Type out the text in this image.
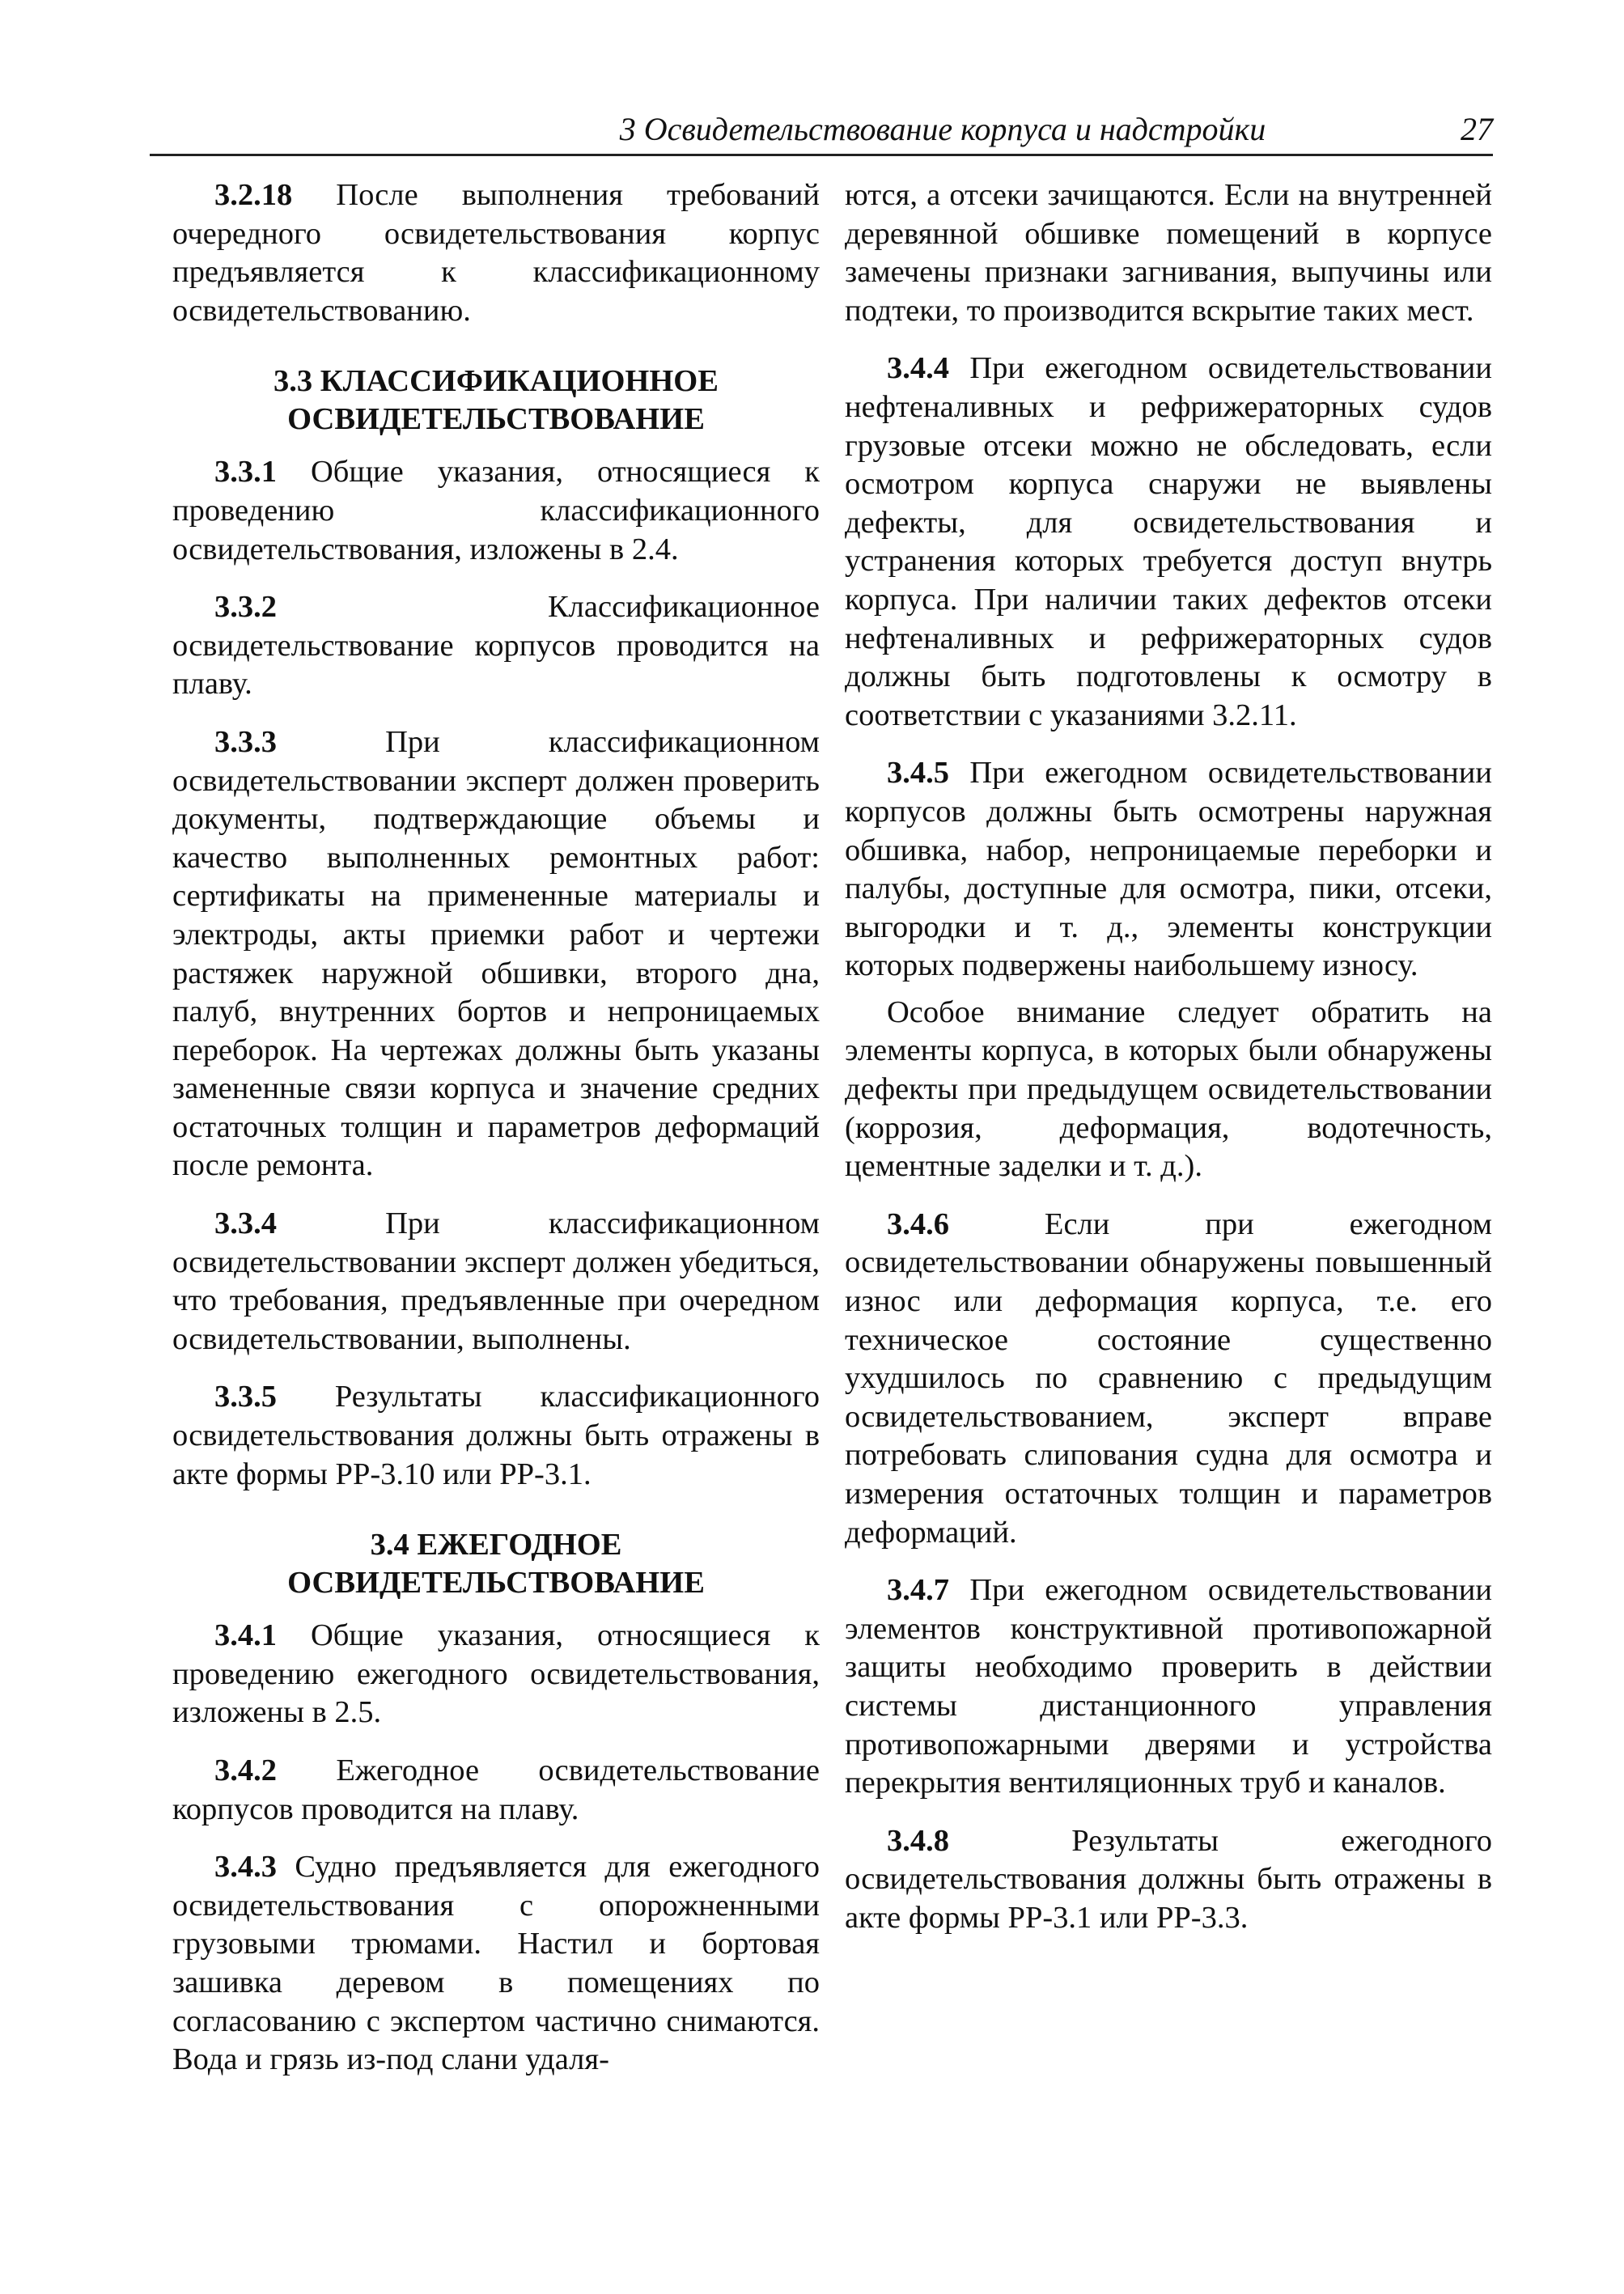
3 Освидетельствование корпуса и надстройки	27

3.2.18 После выполнения требований очередного освидетельствования корпус предъявляется к классификационному освидетельствованию.

3.3 КЛАССИФИКАЦИОННОЕ
ОСВИДЕТЕЛЬСТВОВАНИЕ

3.3.1 Общие указания, относящиеся к проведению классификационного освидетельствования, изложены в 2.4.

3.3.2 Классификационное освидетельствование корпусов проводится на плаву.

3.3.3 При классификационном освидетельствовании эксперт должен проверить документы, подтверждающие объемы и качество выполненных ремонтных работ: сертификаты на примененные материалы и электроды, акты приемки работ и чертежи растяжек наружной обшивки, второго дна, палуб, внутренних бортов и непроницаемых переборок. На чертежах должны быть указаны замененные связи корпуса и значение средних остаточных толщин и параметров деформаций после ремонта.

3.3.4 При классификационном освидетельствовании эксперт должен убедиться, что требования, предъявленные при очередном освидетельствовании, выполнены.

3.3.5 Результаты классификационного освидетельствования должны быть отражены в акте формы РР-3.10 или РР-3.1.

3.4 ЕЖЕГОДНОЕ
ОСВИДЕТЕЛЬСТВОВАНИЕ

3.4.1 Общие указания, относящиеся к проведению ежегодного освидетельствования, изложены в 2.5.

3.4.2 Ежегодное освидетельствование корпусов проводится на плаву.

3.4.3 Судно предъявляется для ежегодного освидетельствования с опорожненными грузовыми трюмами. Настил и бортовая зашивка деревом в помещениях по согласованию с экспертом частично снимаются. Вода и грязь из-под слани удаля-

ются, а отсеки зачищаются. Если на внутренней деревянной обшивке помещений в корпусе замечены признаки загнивания, выпучины или подтеки, то производится вскрытие таких мест.

3.4.4 При ежегодном освидетельствовании нефтеналивных и рефрижераторных судов грузовые отсеки можно не обследовать, если осмотром корпуса снаружи не выявлены дефекты, для освидетельствования и устранения которых требуется доступ внутрь корпуса. При наличии таких дефектов отсеки нефтеналивных и рефрижераторных судов должны быть подготовлены к осмотру в соответствии с указаниями 3.2.11.

3.4.5 При ежегодном освидетельствовании корпусов должны быть осмотрены наружная обшивка, набор, непроницаемые переборки и палубы, доступные для осмотра, пики, отсеки, выгородки и т. д., элементы конструкции которых подвержены наибольшему износу.

Особое внимание следует обратить на элементы корпуса, в которых были обнаружены дефекты при предыдущем освидетельствовании (коррозия, деформация, водотечность, цементные заделки и т. д.).

3.4.6 Если при ежегодном освидетельствовании обнаружены повышенный износ или деформация корпуса, т.е. его техническое состояние существенно ухудшилось по сравнению с предыдущим освидетельствованием, эксперт вправе потребовать слипования судна для осмотра и измерения остаточных толщин и параметров деформаций.

3.4.7 При ежегодном освидетельствовании элементов конструктивной противопожарной защиты необходимо проверить в действии системы дистанционного управления противопожарными дверями и устройства перекрытия вентиляционных труб и каналов.

3.4.8 Результаты ежегодного освидетельствования должны быть отражены в акте формы РР-3.1 или РР-3.3.
